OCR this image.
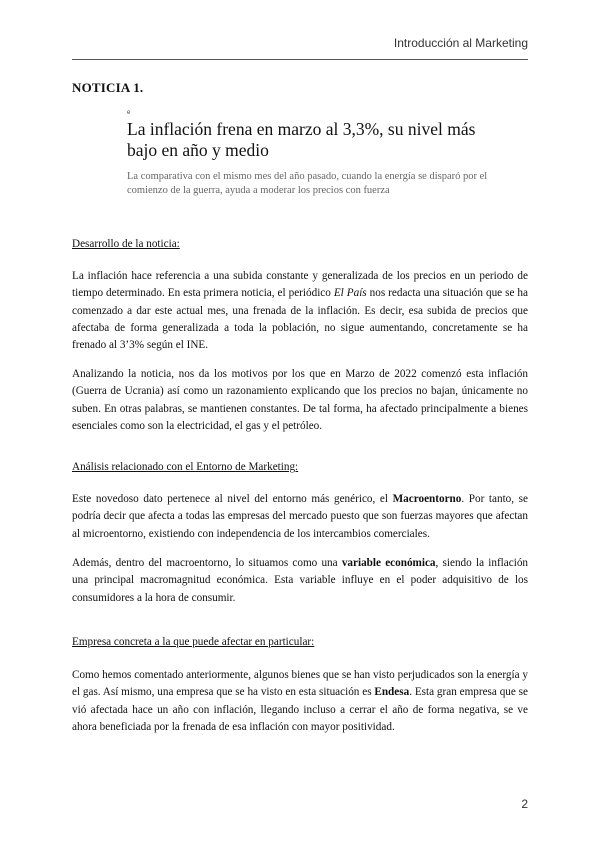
Introducción al Marketing
NOTICIA 1.
e
La inflación frena en marzo al 3,3%, su nivel más bajo en año y medio
La comparativa con el mismo mes del año pasado, cuando la energía se disparó por el comienzo de la guerra, ayuda a moderar los precios con fuerza
Desarrollo de la noticia:

La inflación hace referencia a una subida constante y generalizada de los precios en un periodo de tiempo determinado. En esta primera noticia, el periódico El País nos redacta una situación que se ha comenzado a dar este actual mes, una frenada de la inflación. Es decir, esa subida de precios que afectaba de forma generalizada a toda la población, no sigue aumentando, concretamente se ha frenado al 3’3% según el INE.

Analizando la noticia, nos da los motivos por los que en Marzo de 2022 comenzó esta inflación (Guerra de Ucrania) así como un razonamiento explicando que los precios no bajan, únicamente no suben. En otras palabras, se mantienen constantes. De tal forma, ha afectado principalmente a bienes esenciales como son la electricidad, el gas y el petróleo.

Análisis relacionado con el Entorno de Marketing:

Este novedoso dato pertenece al nivel del entorno más genérico, el Macroentorno. Por tanto, se podría decir que afecta a todas las empresas del mercado puesto que son fuerzas mayores que afectan al microentorno, existiendo con independencia de los intercambios comerciales.

Además, dentro del macroentorno, lo situamos como una variable económica, siendo la inflación una principal macromagnitud económica. Esta variable influye en el poder adquisitivo de los consumidores a la hora de consumir.

Empresa concreta a la que puede afectar en particular:

Como hemos comentado anteriormente, algunos bienes que se han visto perjudicados son la energía y el gas. Así mismo, una empresa que se ha visto en esta situación es Endesa. Esta gran empresa que se vió afectada hace un año con inflación, llegando incluso a cerrar el año de forma negativa, se ve ahora beneficiada por la frenada de esa inflación con mayor positividad.

2
